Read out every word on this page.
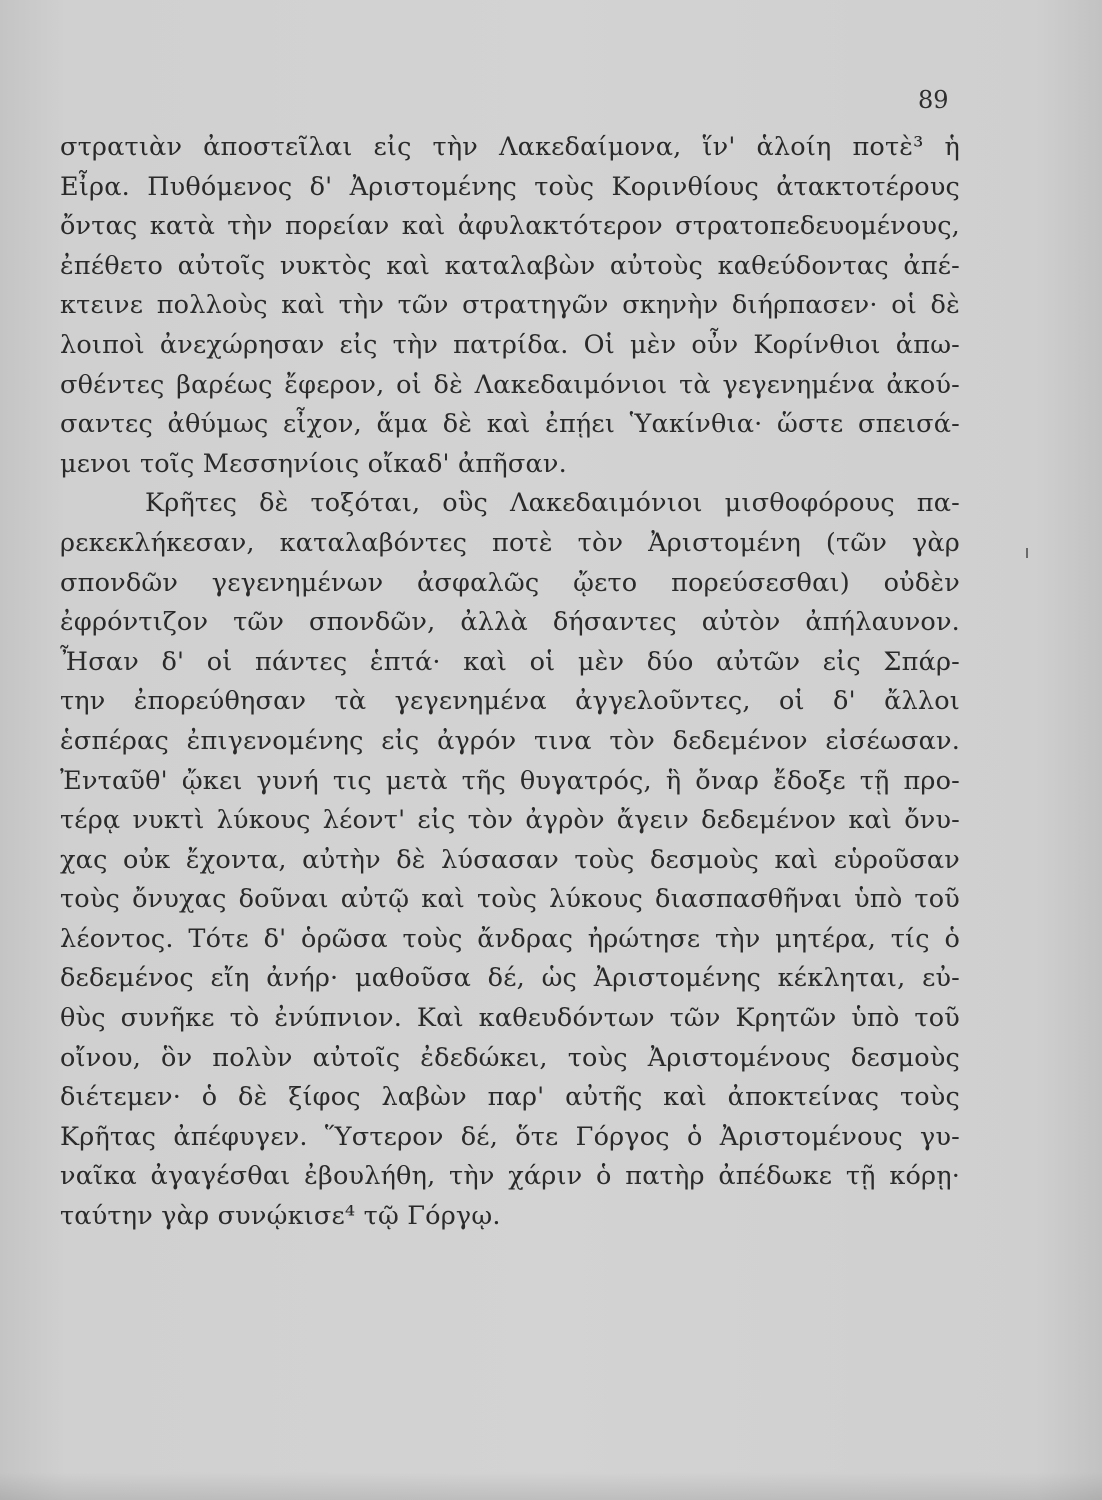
89
στρατιὰν ἀποστεῖλαι εἰς τὴν Λακεδαίμονα, ἵν' ἁλοίη ποτὲ³ ἡ
Εἶρα. Πυθόμενος δ' Ἀριστομένης τοὺς Κορινθίους ἀτακτοτέρους
ὄντας κατὰ τὴν πορείαν καὶ ἀφυλακτότερον στρατοπεδευομένους,
ἐπέθετο αὐτοῖς νυκτὸς καὶ καταλαβὼν αὐτοὺς καθεύδοντας ἀπέ-
κτεινε πολλοὺς καὶ τὴν τῶν στρατηγῶν σκηνὴν διήρπασεν· οἱ δὲ
λοιποὶ ἀνεχώρησαν εἰς τὴν πατρίδα. Οἱ μὲν οὖν Κορίνθιοι ἀπω-
σθέντες βαρέως ἔφερον, οἱ δὲ Λακεδαιμόνιοι τὰ γεγενημένα ἀκού-
σαντες ἀθύμως εἶχον, ἅμα δὲ καὶ ἐπῄει Ὑακίνθια· ὥστε σπεισά-
μενοι τοῖς Μεσσηνίοις οἴκαδ' ἀπῆσαν.
Κρῆτες δὲ τοξόται, οὓς Λακεδαιμόνιοι μισθοφόρους πα-
ρεκεκλήκεσαν, καταλαβόντες ποτὲ τὸν Ἀριστομένη (τῶν γὰρ
σπονδῶν γεγενημένων ἀσφαλῶς ᾤετο πορεύσεσθαι) οὐδὲν
ἐφρόντιζον τῶν σπονδῶν, ἀλλὰ δήσαντες αὐτὸν ἀπήλαυνον.
Ἦσαν δ' οἱ πάντες ἑπτά· καὶ οἱ μὲν δύο αὐτῶν εἰς Σπάρ-
την ἐπορεύθησαν τὰ γεγενημένα ἀγγελοῦντες, οἱ δ' ἄλλοι
ἑσπέρας ἐπιγενομένης εἰς ἀγρόν τινα τὸν δεδεμένον εἰσέωσαν.
Ἐνταῦθ' ᾤκει γυνή τις μετὰ τῆς θυγατρός, ἣ ὄναρ ἔδοξε τῇ προ-
τέρᾳ νυκτὶ λύκους λέοντ' εἰς τὸν ἀγρὸν ἄγειν δεδεμένον καὶ ὄνυ-
χας οὐκ ἔχοντα, αὐτὴν δὲ λύσασαν τοὺς δεσμοὺς καὶ εὑροῦσαν
τοὺς ὄνυχας δοῦναι αὐτῷ καὶ τοὺς λύκους διασπασθῆναι ὑπὸ τοῦ
λέοντος. Τότε δ' ὁρῶσα τοὺς ἄνδρας ἠρώτησε τὴν μητέρα, τίς ὁ
δεδεμένος εἴη ἀνήρ· μαθοῦσα δέ, ὡς Ἀριστομένης κέκληται, εὐ-
θὺς συνῆκε τὸ ἐνύπνιον. Καὶ καθευδόντων τῶν Κρητῶν ὑπὸ τοῦ
οἴνου, ὃν πολὺν αὐτοῖς ἐδεδώκει, τοὺς Ἀριστομένους δεσμοὺς
διέτεμεν· ὁ δὲ ξίφος λαβὼν παρ' αὐτῆς καὶ ἀποκτείνας τοὺς
Κρῆτας ἀπέφυγεν. Ὕστερον δέ, ὅτε Γόργος ὁ Ἀριστομένους γυ-
ναῖκα ἀγαγέσθαι ἐβουλήθη, τὴν χάριν ὁ πατὴρ ἀπέδωκε τῇ κόρῃ·
ταύτην γὰρ συνῴκισε⁴ τῷ Γόργῳ.
